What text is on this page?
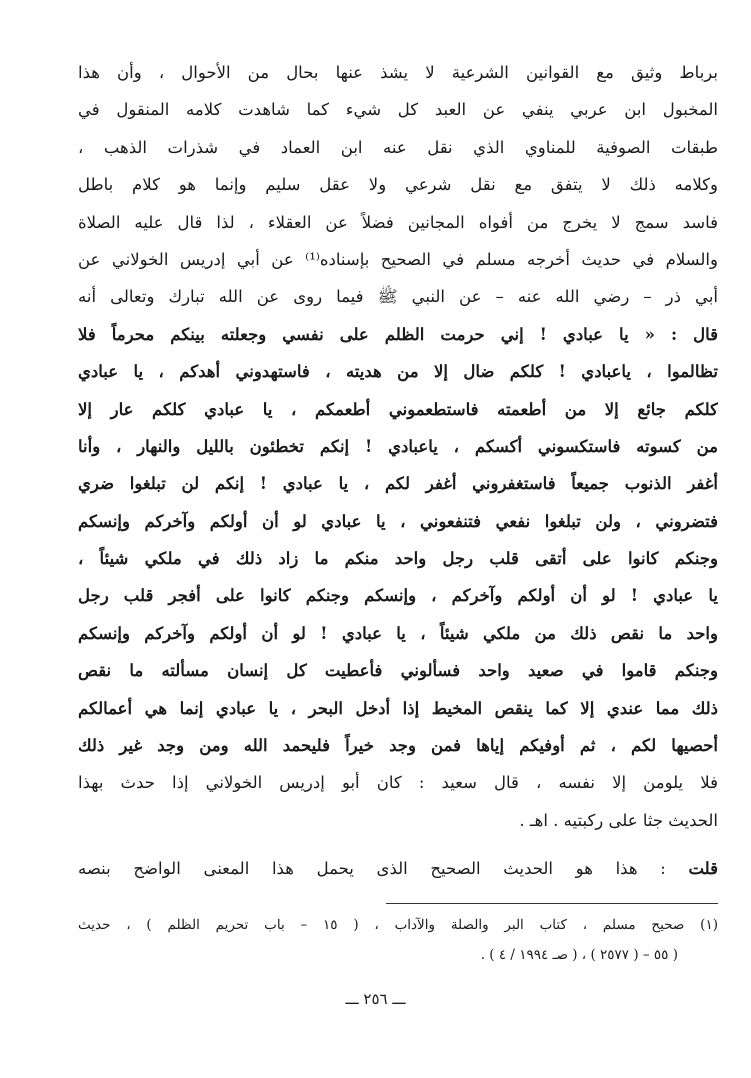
برباط وثيق مع القوانين الشرعية لا يشذ عنها بحال من الأحوال ، وأن هذا
المخبول ابن عربي ينفي عن العبد كل شيء كما شاهدت كلامه المنقول في
طبقات الصوفية للمناوي الذي نقل عنه ابن العماد في شذرات الذهب ،
وكلامه ذلك لا يتفق مع نقل شرعي ولا عقل سليم وإنما هو كلام باطل
فاسد سمج لا يخرج من أفواه المجانين فضلاً عن العقلاء ، لذا قال عليه الصلاة
والسلام في حديث أخرجه مسلم في الصحيح بإسناده⁽¹⁾ عن أبي إدريس الخولاني عن
أبي ذر – رضي الله عنه – عن النبي ﷺ فيما روى عن الله تبارك وتعالى أنه
قال : « يا عبادي ! إني حرمت الظلم على نفسي وجعلته بينكم محرماً فلا
تظالموا ، ياعبادي ! كلكم ضال إلا من هديته ، فاستهدوني أهدكم ، يا عبادي
كلكم جائع إلا من أطعمته فاستطعموني أطعمكم ، يا عبادي كلكم عار إلا
من كسوته فاستكسوني أكسكم ، ياعبادي ! إنكم تخطئون بالليل والنهار ، وأنا
أغفر الذنوب جميعاً فاستغفروني أغفر لكم ، يا عبادي ! إنكم لن تبلغوا ضري
فتضروني ، ولن تبلغوا نفعي فتنفعوني ، يا عبادي لو أن أولكم وآخركم وإنسكم
وجنكم كانوا على أتقى قلب رجل واحد منكم ما زاد ذلك في ملكي شيئاً ،
يا عبادي ! لو أن أولكم وآخركم ، وإنسكم وجنكم كانوا على أفجر قلب رجل
واحد ما نقص ذلك من ملكي شيئاً ، يا عبادي ! لو أن أولكم وآخركم وإنسكم
وجنكم قاموا في صعيد واحد فسألوني فأعطيت كل إنسان مسألته ما نقص
ذلك مما عندي إلا كما ينقص المخيط إذا أدخل البحر ، يا عبادي إنما هي أعمالكم
أحصيها لكم ، ثم أوفيكم إياها فمن وجد خيراً فليحمد الله ومن وجد غير ذلك
فلا يلومن إلا نفسه ، قال سعيد : كان أبو إدريس الخولاني إذا حدث بهذا
الحديث جثا على ركبتيه . اهـ .
قلت : هذا هو الحديث الصحيح الذى يحمل هذا المعنى الواضح بنصه
(١) صحيح مسلم ، كتاب البر والصلة والآداب ، ( ١٥ – باب تحريم الظلم ) ، حديث
( ٥٥ – ( ٢٥٧٧ ) ، ( صـ ١٩٩٤ / ٤ ) .
ـــ ٢٥٦ ـــ
